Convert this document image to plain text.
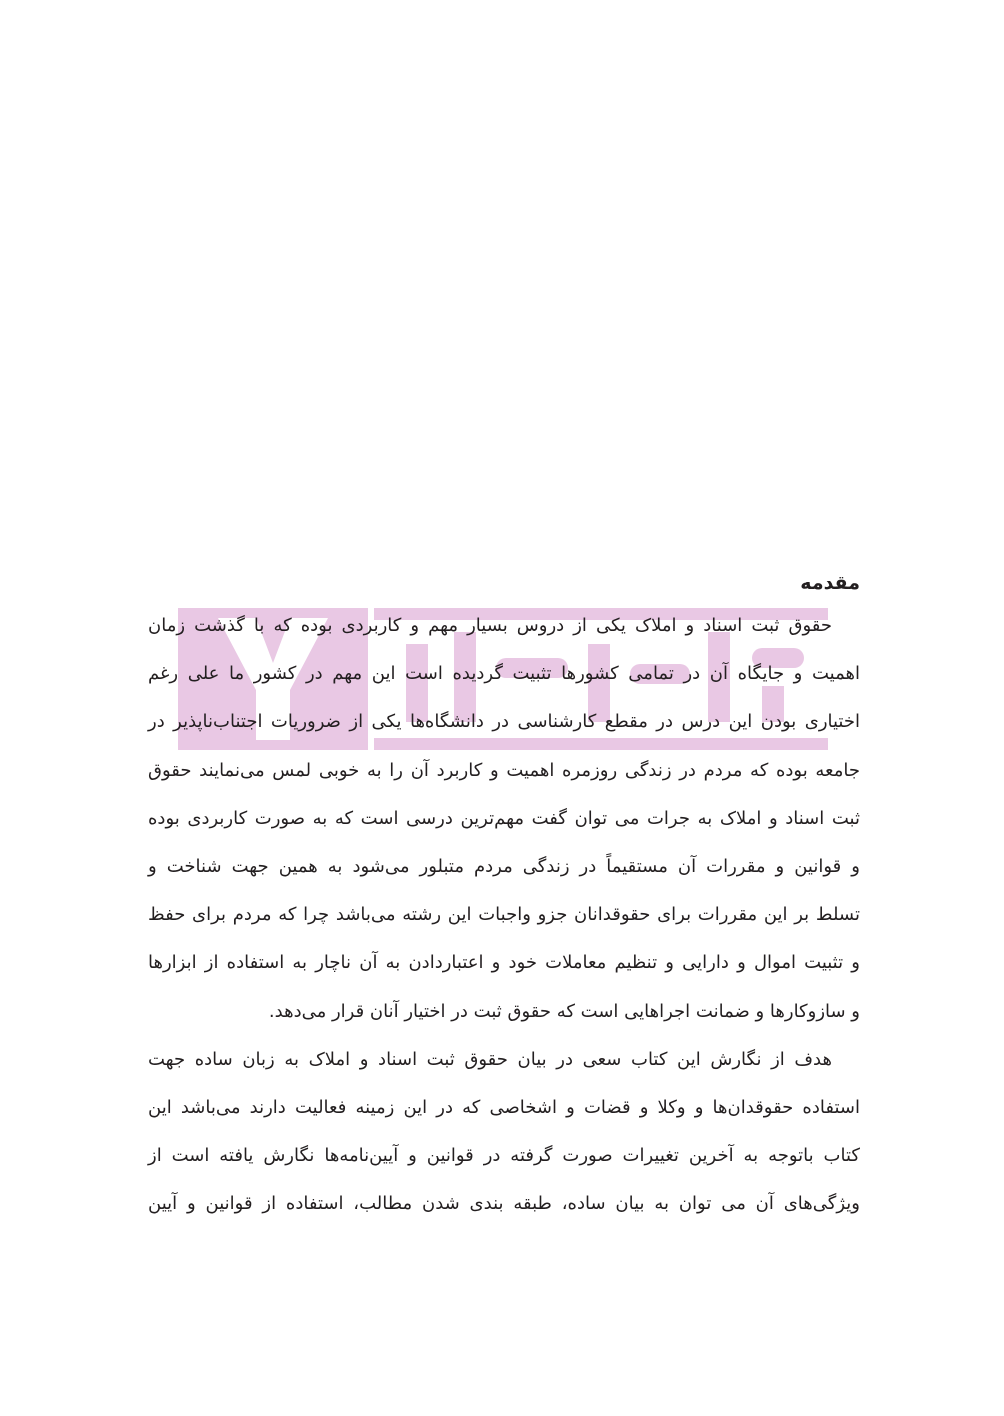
مقدمه
حقوق ثبت اسناد و املاک یکی از دروس بسیار مهم و کاربردی بوده که با گذشت زمان
اهمیت و جایگاه آن در تمامی کشورها تثبیت گردیده است این مهم در کشور ما علی رغم
اختیاری بودن این درس در مقطع کارشناسی در دانشگاه‌ها یکی از ضروریات اجتناب‌ناپذیر در
جامعه بوده که مردم در زندگی روزمره اهمیت و کاربرد آن را به خوبی لمس می‌نمایند حقوق
ثبت اسناد و املاک به جرات می توان گفت مهم‌ترین درسی است که به صورت کاربردی بوده
و قوانین و مقررات آن مستقیماً در زندگی مردم متبلور می‌شود به همین جهت شناخت و
تسلط بر این مقررات برای حقوقدانان جزو واجبات این رشته می‌باشد چرا که مردم برای حفظ
و تثبیت اموال و دارایی و تنظیم معاملات خود و اعتباردادن به آن ناچار به استفاده از ابزارها
و سازوکارها و ضمانت اجراهایی است که حقوق ثبت در اختیار آنان قرار می‌دهد.
هدف از نگارش این کتاب سعی در بیان حقوق ثبت اسناد و املاک به زبان ساده جهت
استفاده حقوقدان‌ها و وکلا و قضات و اشخاصی که در این زمینه فعالیت دارند می‌باشد این
کتاب باتوجه به آخرین تغییرات صورت گرفته در قوانین و آیین‌نامه‌ها نگارش یافته است از
ویژگی‌های آن می توان به بیان ساده، طبقه بندی شدن مطالب، استفاده از قوانین و آیین
